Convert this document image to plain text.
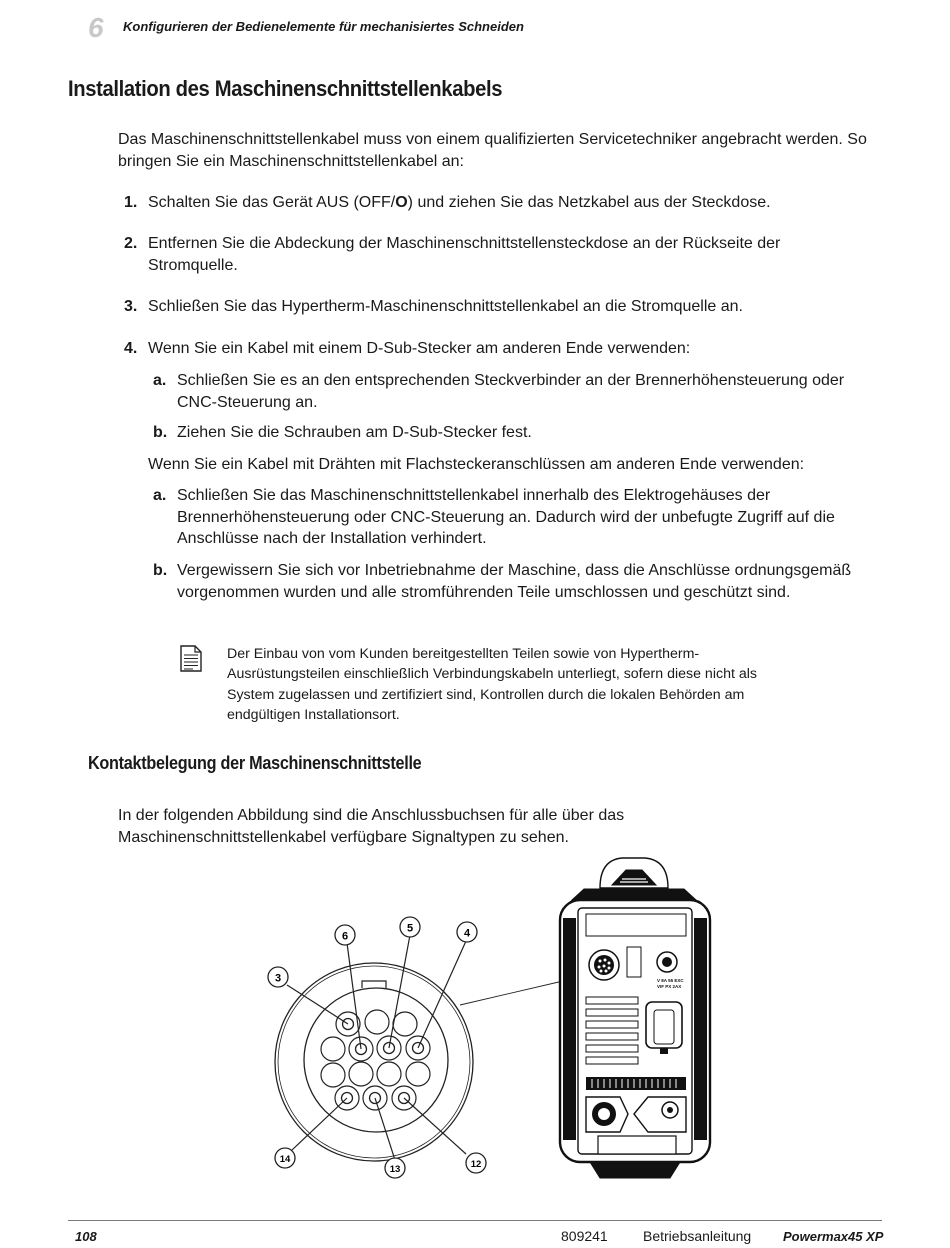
6 Konfigurieren der Bedienelemente für mechanisiertes Schneiden
Installation des Maschinenschnittstellenkabels

Das Maschinenschnittstellenkabel muss von einem qualifizierten Servicetechniker angebracht werden. So bringen Sie ein Maschinenschnittstellenkabel an:

1. Schalten Sie das Gerät AUS (OFF/O) und ziehen Sie das Netzkabel aus der Steckdose.
2. Entfernen Sie die Abdeckung der Maschinenschnittstellensteckdose an der Rückseite der Stromquelle.
3. Schließen Sie das Hypertherm-Maschinenschnittstellenkabel an die Stromquelle an.
4. Wenn Sie ein Kabel mit einem D-Sub-Stecker am anderen Ende verwenden:
a. Schließen Sie es an den entsprechenden Steckverbinder an der Brennerhöhensteuerung oder CNC-Steuerung an.
b. Ziehen Sie die Schrauben am D-Sub-Stecker fest.

Wenn Sie ein Kabel mit Drähten mit Flachsteckeranschlüssen am anderen Ende verwenden:

a. Schließen Sie das Maschinenschnittstellenkabel innerhalb des Elektrogehäuses der Brennerhöhensteuerung oder CNC-Steuerung an. Dadurch wird der unbefugte Zugriff auf die Anschlüsse nach der Installation verhindert.
b. Vergewissern Sie sich vor Inbetriebnahme der Maschine, dass die Anschlüsse ordnungsgemäß vorgenommen wurden und alle stromführenden Teile umschlossen und geschützt sind.
Der Einbau von vom Kunden bereitgestellten Teilen sowie von Hypertherm-Ausrüstungsteilen einschließlich Verbindungskabeln unterliegt, sofern diese nicht als System zugelassen und zertifiziert sind, Kontrollen durch die lokalen Behörden am endgültigen Installationsort.
Kontaktbelegung der Maschinenschnittstelle

In der folgenden Abbildung sind die Anschlussbuchsen für alle über das Maschinenschnittstellenkabel verfügbare Signaltypen zu sehen.

6
5	4
3
14
13	12
V 8A 55 EXC
VIF PX 2AX
108	809241	Betriebsanleitung Powermax45 XP
